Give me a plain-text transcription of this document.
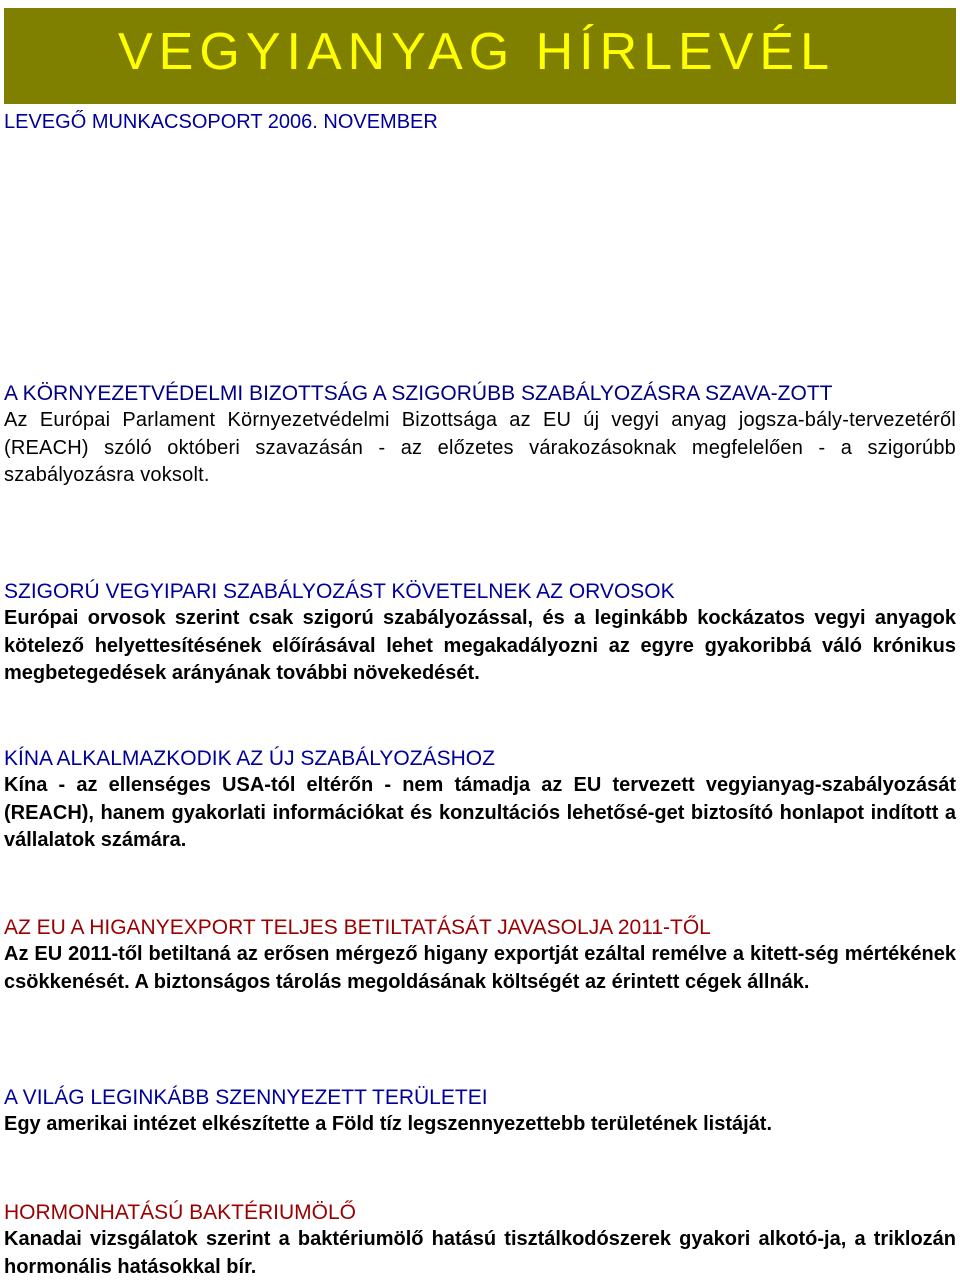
VEGYIANYAG HÍRLEVÉL
LEVEGŐ MUNKACSOPORT 2006. NOVEMBER
A KÖRNYEZETVÉDELMI BIZOTTSÁG A SZIGORÚBB SZABÁLYOZÁSRA SZAVA-ZOTT

Az Európai Parlament Környezetvédelmi Bizottsága az EU új vegyi anyag jogsza-bály-tervezetéről (REACH) szóló októberi szavazásán - az előzetes várakozásoknak megfelelően - a szigorúbb szabályozásra voksolt.

SZIGORÚ VEGYIPARI SZABÁLYOZÁST KÖVETELNEK AZ ORVOSOK

Európai orvosok szerint csak szigorú szabályozással, és a leginkább kockázatos vegyi anyagok kötelező helyettesítésének előírásával lehet megakadályozni az egyre gyakoribbá váló krónikus megbetegedések arányának további növekedését.

KÍNA ALKALMAZKODIK AZ ÚJ SZABÁLYOZÁSHOZ

Kína - az ellenséges USA-tól eltérőn - nem támadja az EU tervezett vegyianyag-szabályozását (REACH), hanem gyakorlati információkat és konzultációs lehetősé-get biztosító honlapot indított a vállalatok számára.

AZ EU A HIGANYEXPORT TELJES BETILTATÁSÁT JAVASOLJA 2011-TŐL

Az EU 2011-től betiltaná az erősen mérgező higany exportját ezáltal remélve a kitett-ség mértékének csökkenését. A biztonságos tárolás megoldásának költségét az érintett cégek állnák.

A VILÁG LEGINKÁBB SZENNYEZETT TERÜLETEI

Egy amerikai intézet elkészítette a Föld tíz legszennyezettebb területének listáját.

HORMONHATÁSÚ BAKTÉRIUMÖLŐ

Kanadai vizsgálatok szerint a baktériumölő hatású tisztálkodószerek gyakori alkotó-ja, a triklozán hormonális hatásokkal bír.
